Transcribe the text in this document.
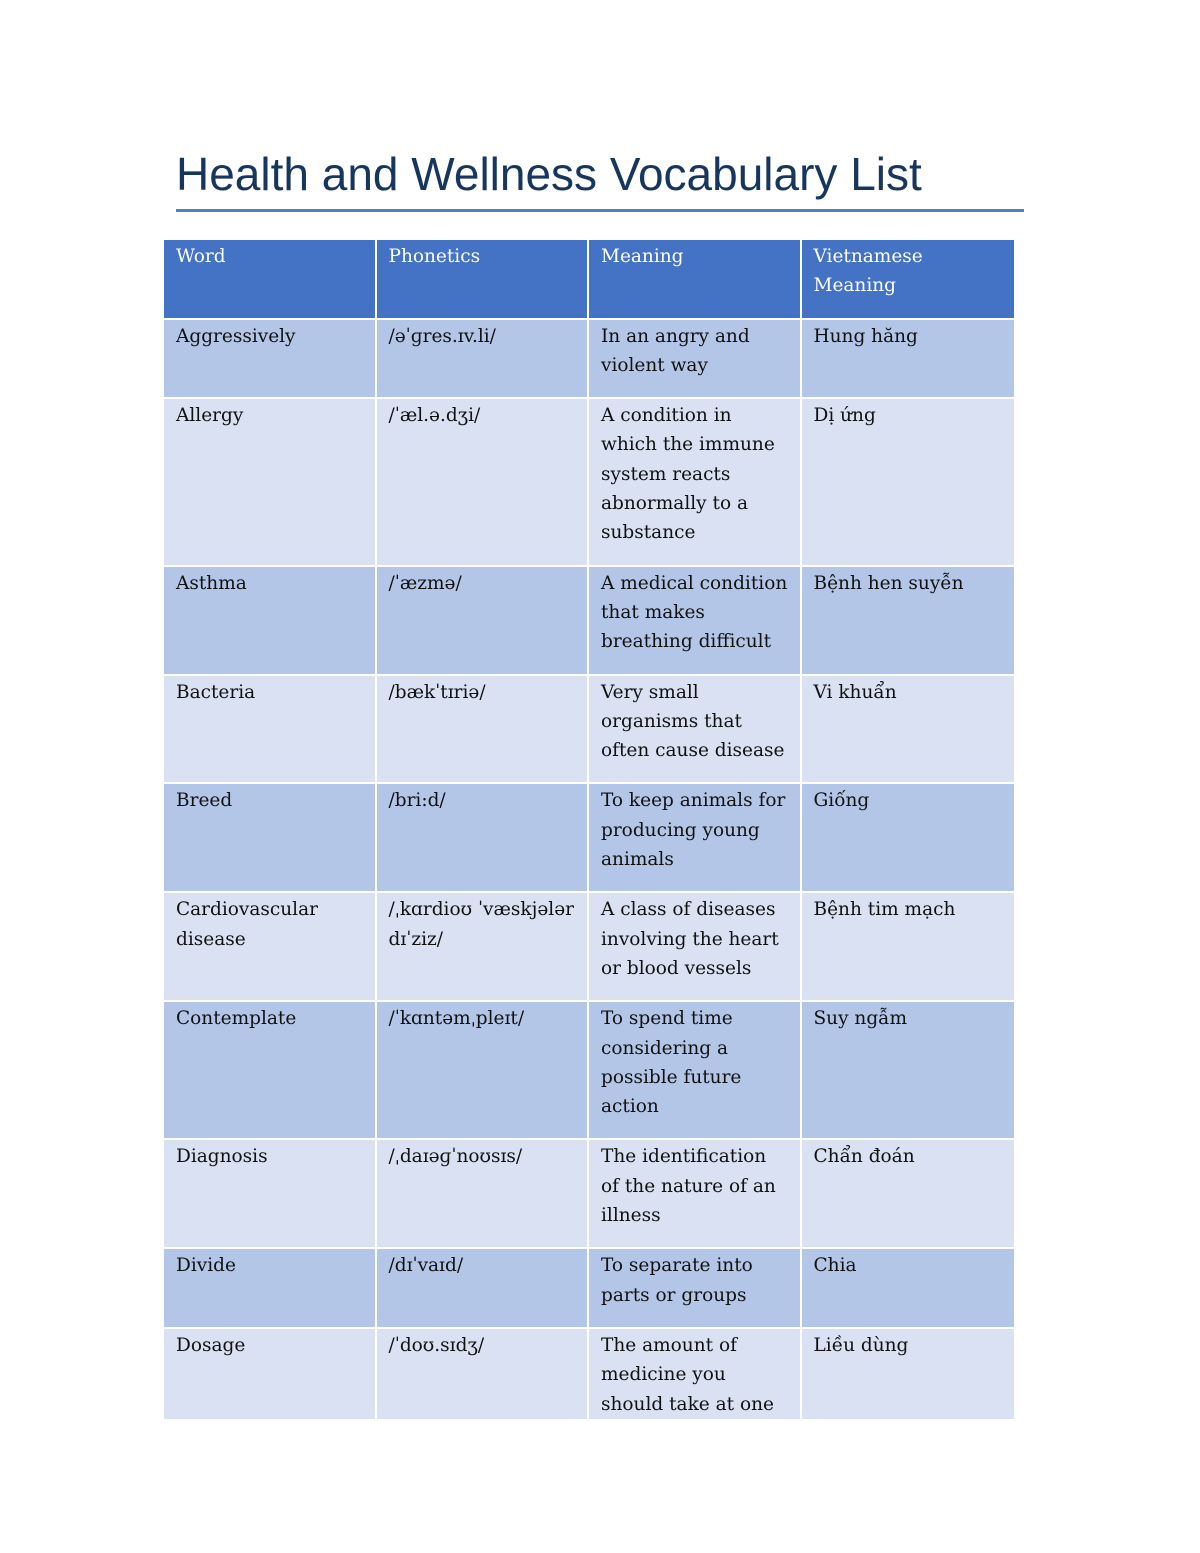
Health and Wellness Vocabulary List
Word	Phonetics	Meaning	Vietnamese Meaning
Aggressively	/əˈɡres.ɪv.li/	In an angry and violent way	Hung hăng
Allergy	/ˈæl.ə.dʒi/	A condition in which the immune system reacts abnormally to a substance	Dị ứng
Asthma	/ˈæzmə/	A medical condition that makes breathing difficult	Bệnh hen suyễn
Bacteria	/bækˈtɪriə/	Very small organisms that often cause disease	Vi khuẩn
Breed	/bri:d/	To keep animals for producing young animals	Giống
Cardiovascular disease	/ˌkɑrdioʊ ˈvæskjələr dɪˈziz/	A class of diseases involving the heart or blood vessels	Bệnh tim mạch
Contemplate	/ˈkɑntəmˌpleɪt/	To spend time considering a possible future action	Suy ngẫm
Diagnosis	/ˌdaɪəɡˈnoʊsɪs/	The identification of the nature of an illness	Chẩn đoán
Divide	/dɪˈvaɪd/	To separate into parts or groups	Chia
Dosage	/ˈdoʊ.sɪdʒ/	The amount of medicine you should take at one	Liều dùng
